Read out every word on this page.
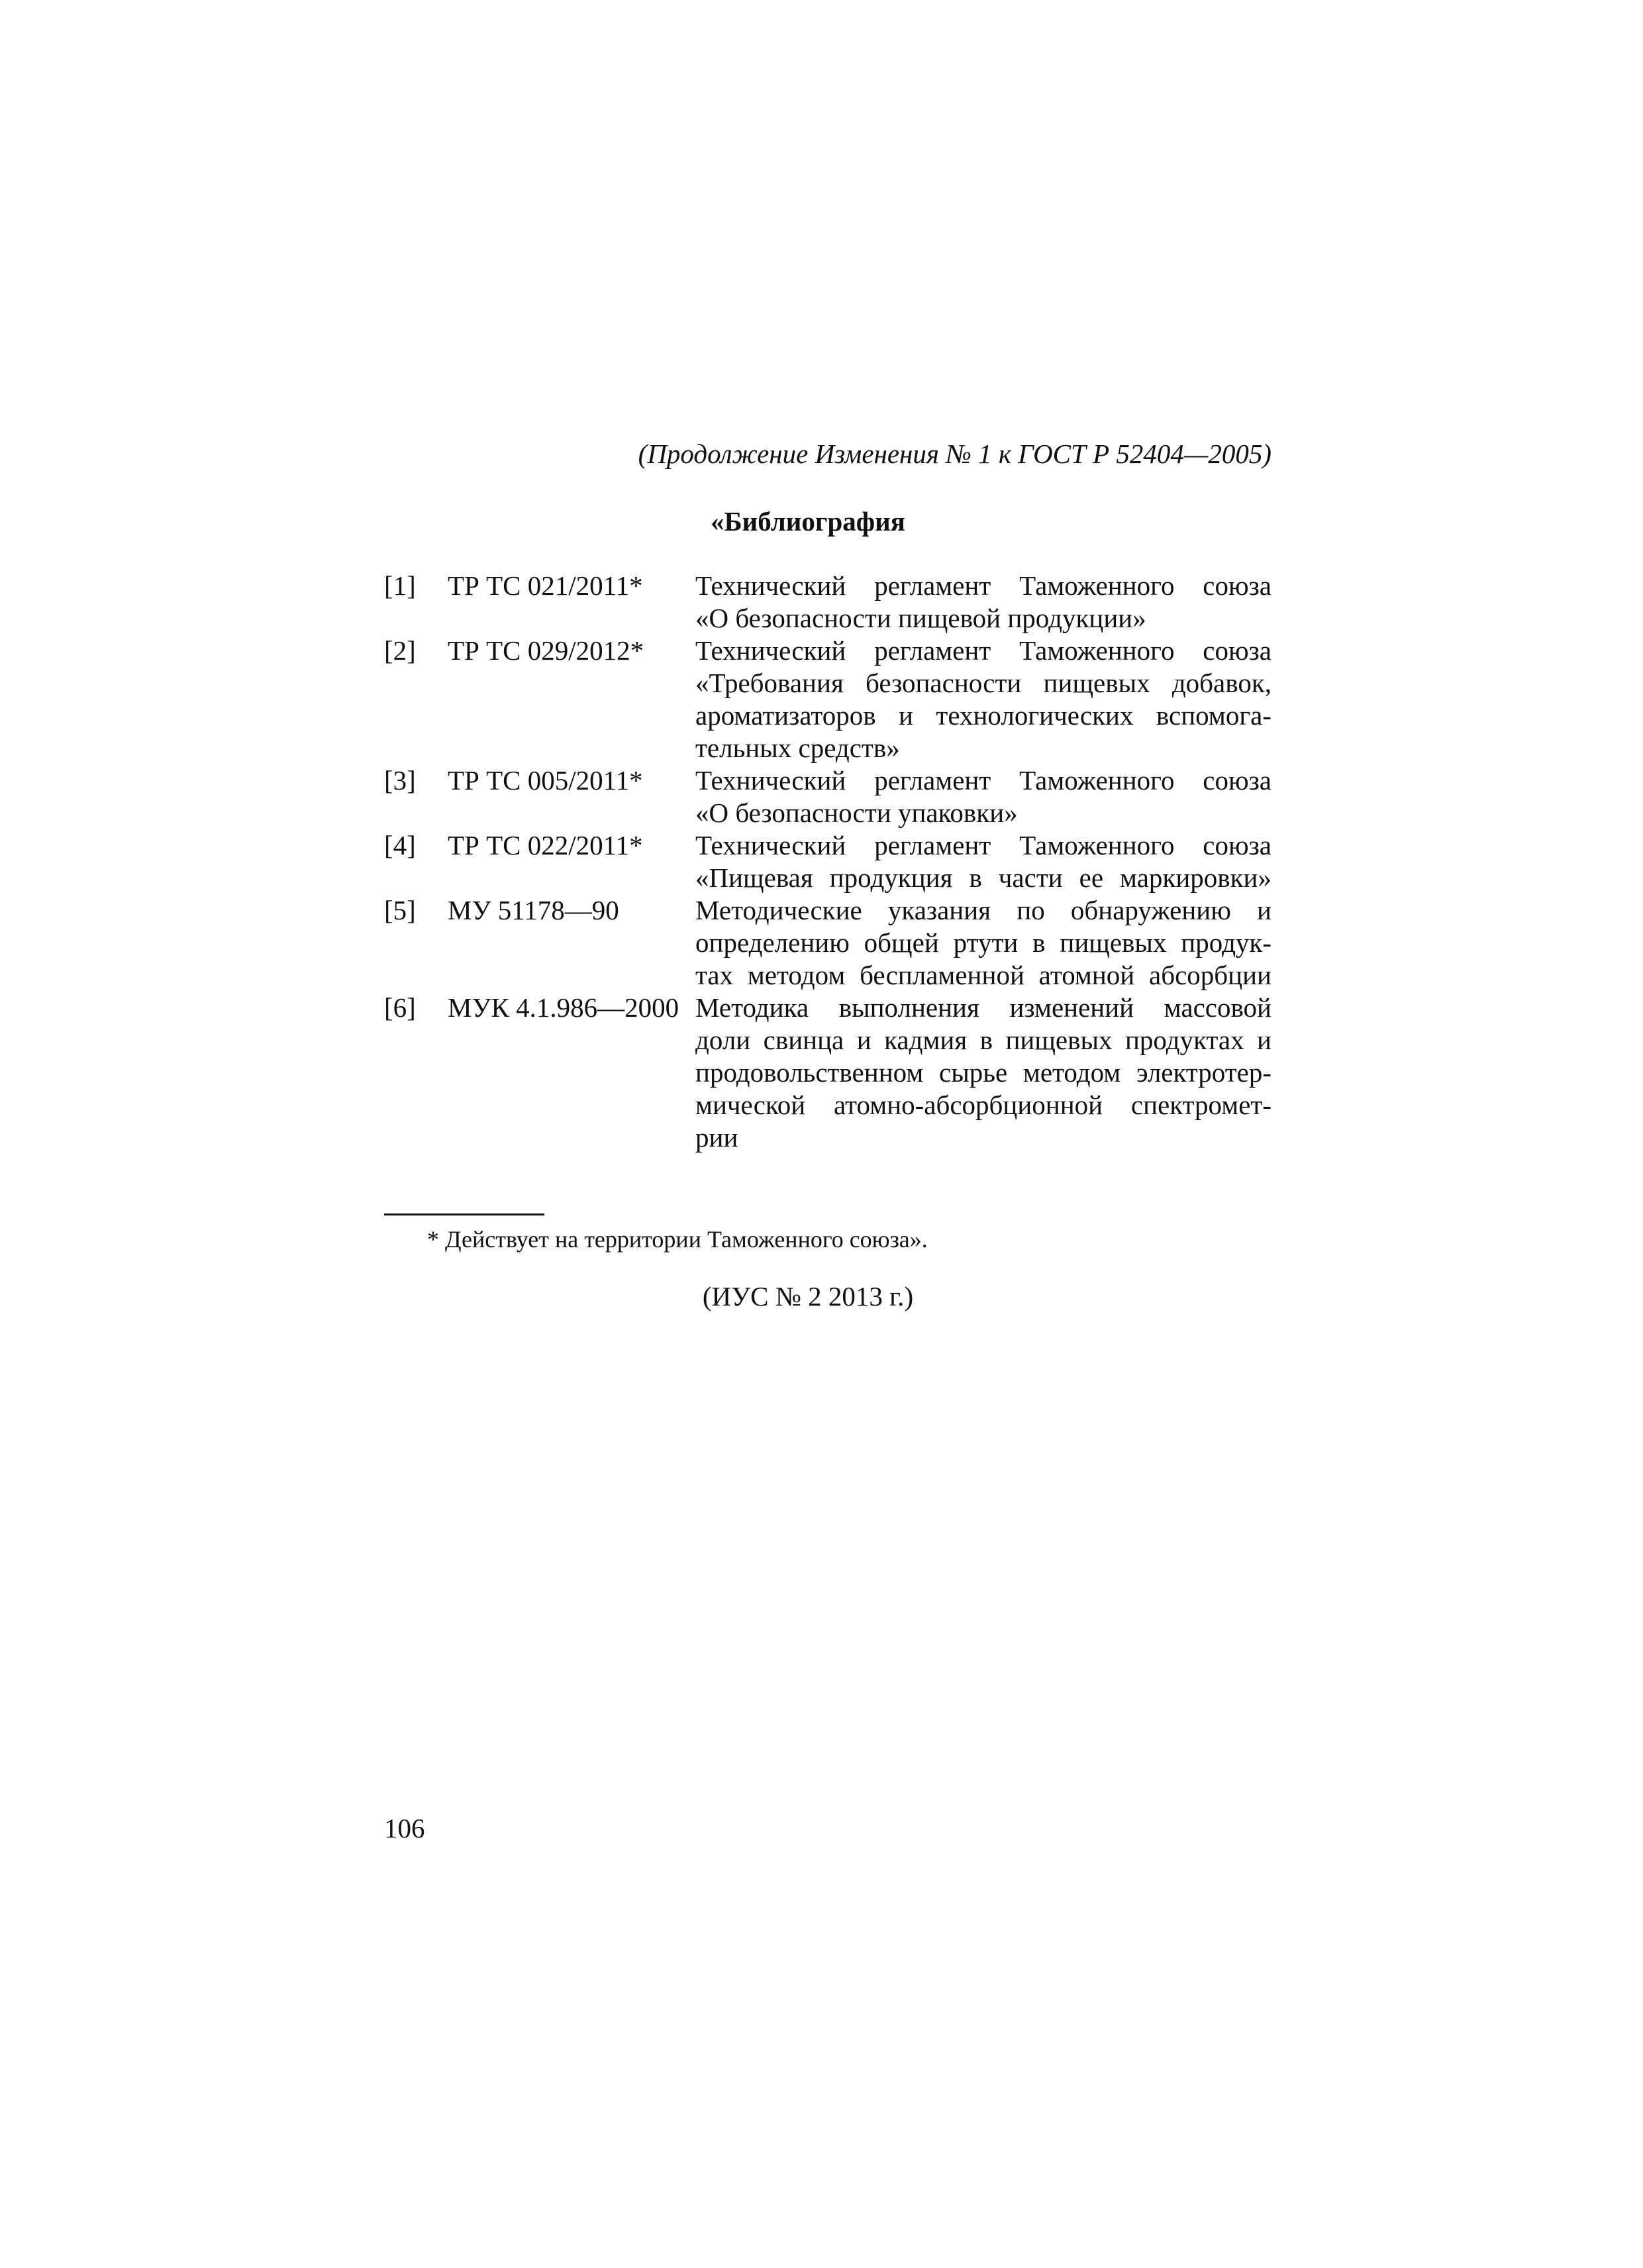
(Продолжение Изменения № 1 к ГОСТ Р 52404—2005)
«Библиография
[1] ТР ТС 021/2011* Технический регламент Таможенного союза
«О безопасности пищевой продукции»
[2] ТР ТС 029/2012* Технический регламент Таможенного союза
«Требования безопасности пищевых добавок,
ароматизаторов и технологических вспомога-
тельных средств»
[3] ТР ТС 005/2011* Технический регламент Таможенного союза
«О безопасности упаковки»
[4] ТР ТС 022/2011* Технический регламент Таможенного союза
«Пищевая продукция в части ее маркировки»
[5] МУ 51178—90	Методические указания по обнаружению и
определению общей ртути в пищевых продук-
тах методом беспламенной атомной абсорбции
[6] МУК 4.1.986—2000 Методика выполнения изменений массовой
доли свинца и кадмия в пищевых продуктах и
продовольственном сырье методом электротер-
мической атомно-абсорбционной спектромет-
рии
* Действует на территории Таможенного союза».
(ИУС № 2 2013 г.)
106
